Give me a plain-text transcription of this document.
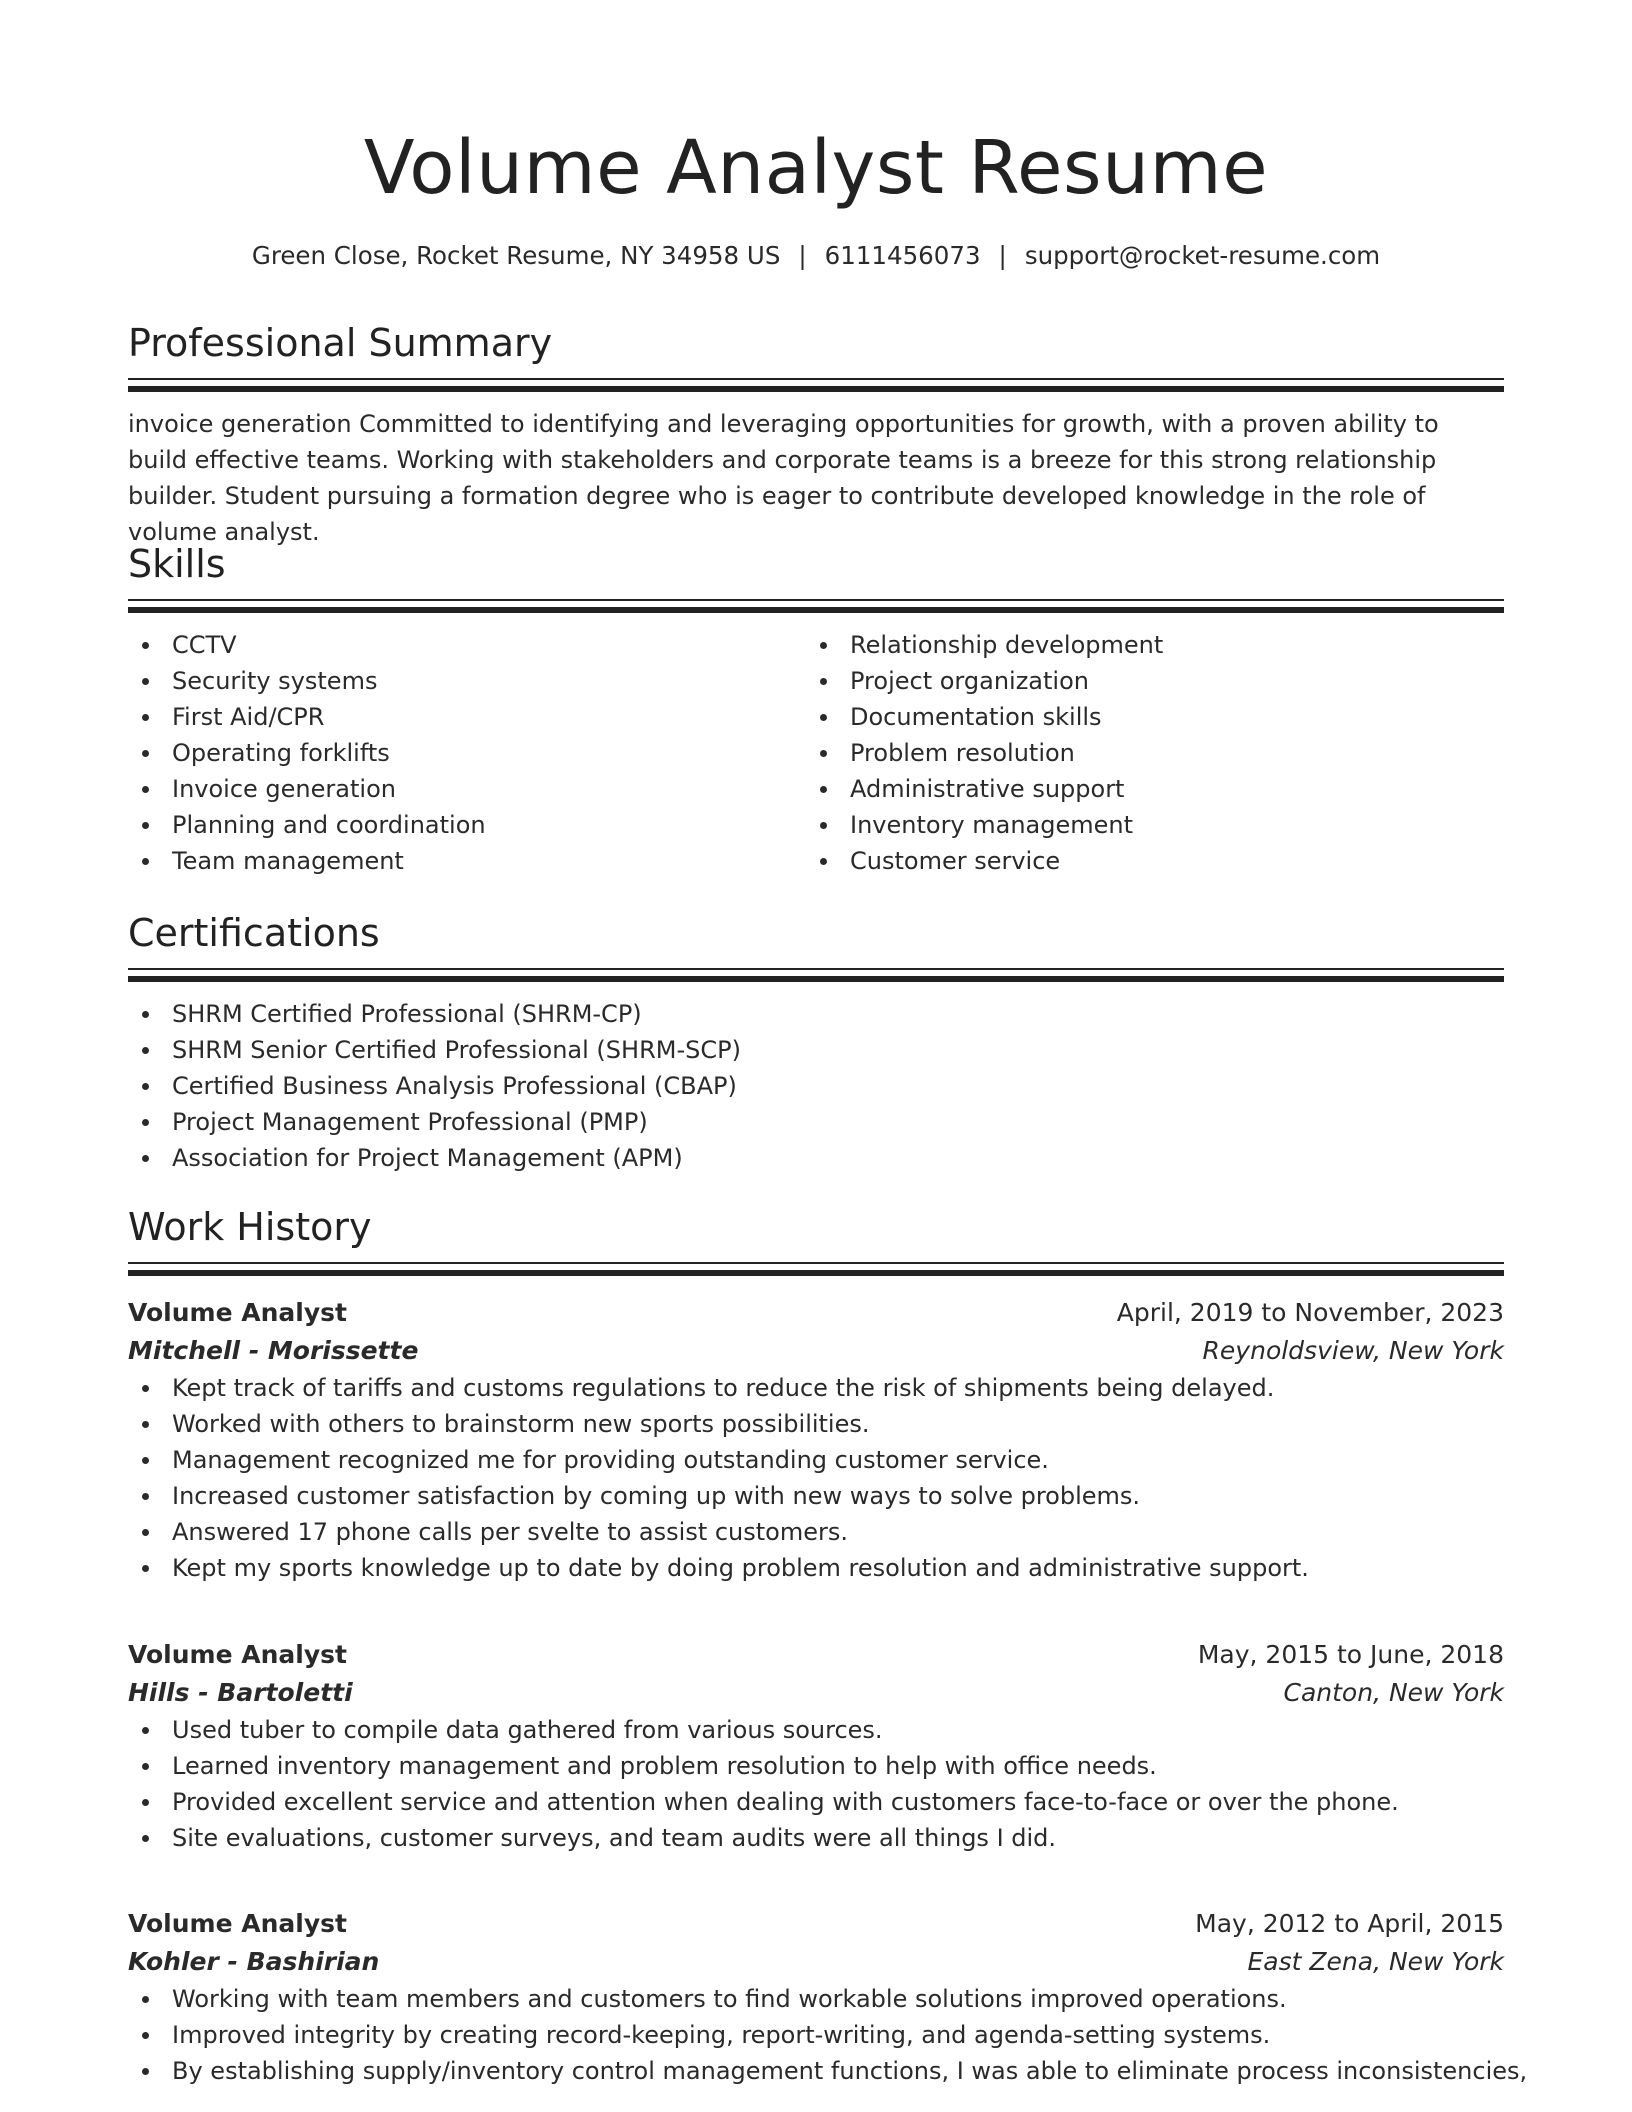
Volume Analyst Resume
Green Close, Rocket Resume, NY 34958 US | 6111456073 | support@rocket-resume.com
Professional Summary

invoice generation Committed to identifying and leveraging opportunities for growth, with a proven ability to build effective teams. Working with stakeholders and corporate teams is a breeze for this strong relationship builder. Student pursuing a formation degree who is eager to contribute developed knowledge in the role of volume analyst.

Skills
CCTV
Security systems
First Aid/CPR
Operating forklifts
Invoice generation
Planning and coordination
Team management
Relationship development
Project organization
Documentation skills
Problem resolution
Administrative support
Inventory management
Customer service
Certifications
SHRM Certified Professional (SHRM-CP)
SHRM Senior Certified Professional (SHRM-SCP)
Certified Business Analysis Professional (CBAP)
Project Management Professional (PMP)
Association for Project Management (APM)
Work History
Volume Analyst	April, 2019 to November, 2023
Mitchell - Morissette	Reynoldsview, New York
Kept track of tariffs and customs regulations to reduce the risk of shipments being delayed.
Worked with others to brainstorm new sports possibilities.
Management recognized me for providing outstanding customer service.
Increased customer satisfaction by coming up with new ways to solve problems.
Answered 17 phone calls per svelte to assist customers.
Kept my sports knowledge up to date by doing problem resolution and administrative support.
Volume Analyst	May, 2015 to June, 2018
Hills - Bartoletti	Canton, New York
Used tuber to compile data gathered from various sources.
Learned inventory management and problem resolution to help with office needs.
Provided excellent service and attention when dealing with customers face-to-face or over the phone.
Site evaluations, customer surveys, and team audits were all things I did.
Volume Analyst	May, 2012 to April, 2015
Kohler - Bashirian	East Zena, New York
Working with team members and customers to find workable solutions improved operations.
Improved integrity by creating record-keeping, report-writing, and agenda-setting systems.
By establishing supply/inventory control management functions, I was able to eliminate process inconsistencies,
